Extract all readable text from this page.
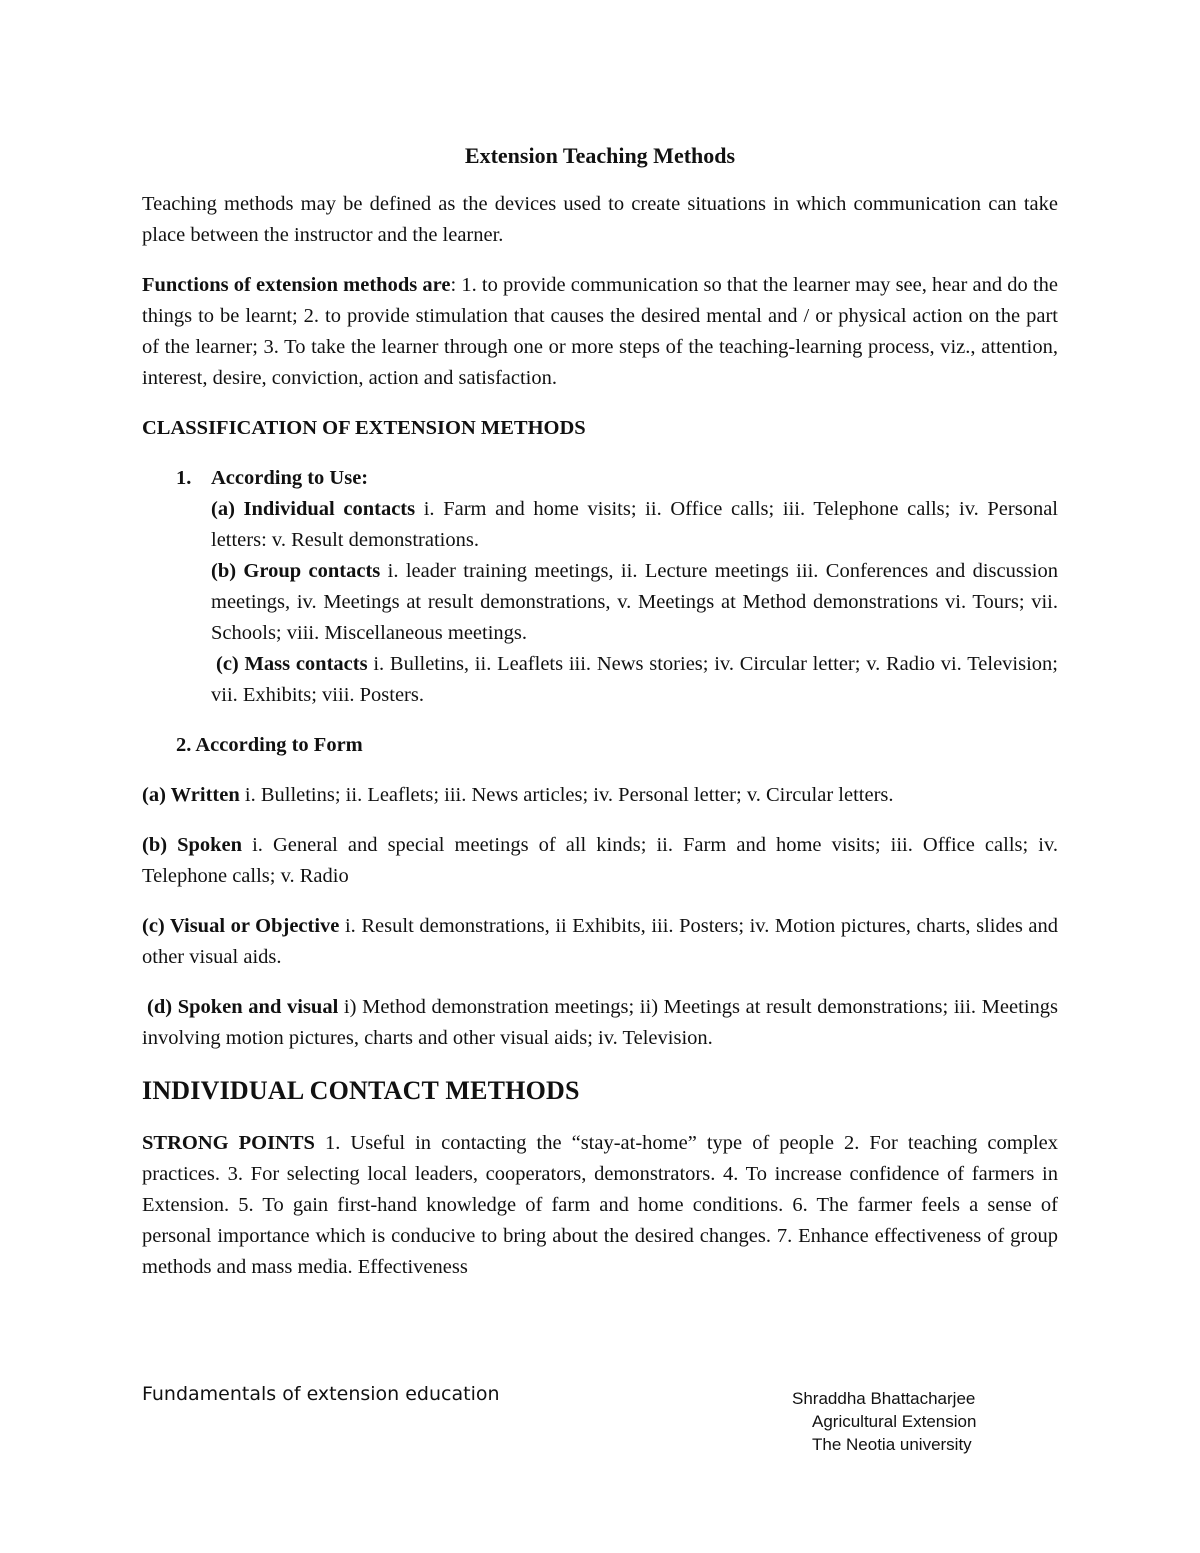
Extension Teaching Methods

Teaching methods may be defined as the devices used to create situations in which communication can take place between the instructor and the learner.

Functions of extension methods are: 1. to provide communication so that the learner may see, hear and do the things to be learnt; 2. to provide stimulation that causes the desired mental and / or physical action on the part of the learner; 3. To take the learner through one or more steps of the teaching-learning process, viz., attention, interest, desire, conviction, action and satisfaction.

CLASSIFICATION OF EXTENSION METHODS
1. According to Use:

(a) Individual contacts i. Farm and home visits; ii. Office calls; iii. Telephone calls; iv. Personal letters: v. Result demonstrations.

(b) Group contacts i. leader training meetings, ii. Lecture meetings iii. Conferences and discussion meetings, iv. Meetings at result demonstrations, v. Meetings at Method demonstrations vi. Tours; vii. Schools; viii. Miscellaneous meetings.

(c) Mass contacts i. Bulletins, ii. Leaflets iii. News stories; iv. Circular letter; v. Radio vi. Television; vii. Exhibits; viii. Posters.

2. According to Form

(a) Written i. Bulletins; ii. Leaflets; iii. News articles; iv. Personal letter; v. Circular letters.

(b) Spoken i. General and special meetings of all kinds; ii. Farm and home visits; iii. Office calls; iv. Telephone calls; v. Radio

(c) Visual or Objective i. Result demonstrations, ii Exhibits, iii. Posters; iv. Motion pictures, charts, slides and other visual aids.

(d) Spoken and visual i) Method demonstration meetings; ii) Meetings at result demonstrations; iii. Meetings involving motion pictures, charts and other visual aids; iv. Television.

INDIVIDUAL CONTACT METHODS

STRONG POINTS 1. Useful in contacting the “stay-at-home” type of people 2. For teaching complex practices. 3. For selecting local leaders, cooperators, demonstrators. 4. To increase confidence of farmers in Extension. 5. To gain first-hand knowledge of farm and home conditions. 6. The farmer feels a sense of personal importance which is conducive to bring about the desired changes. 7. Enhance effectiveness of group methods and mass media. Effectiveness

Fundamentals of extension education	Shraddha Bhattacharjee
Agricultural Extension
The Neotia university
